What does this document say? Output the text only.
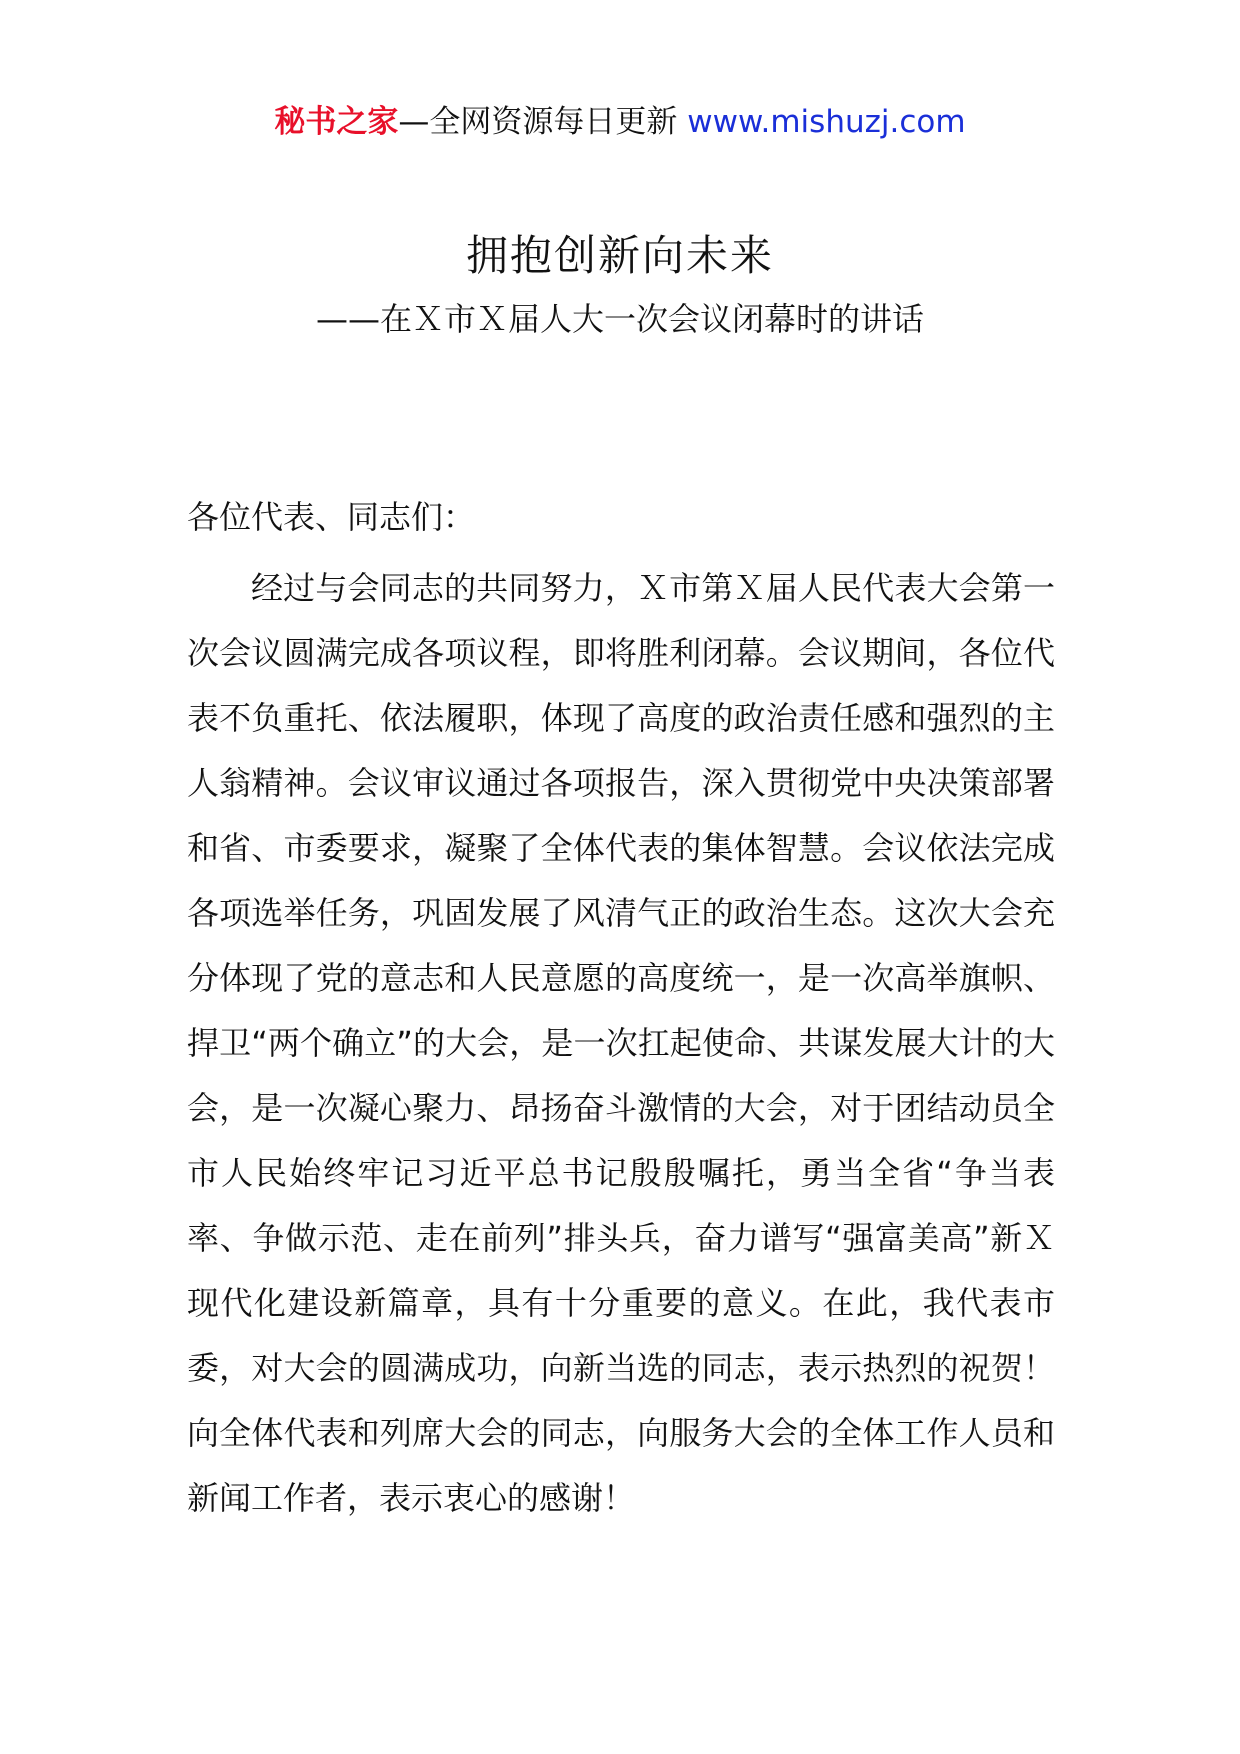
秘书之家—全网资源每日更新 www.mishuzj.com
拥抱创新向未来
——在Ｘ市Ｘ届人大一次会议闭幕时的讲话
各位代表、同志们：

经过与会同志的共同努力，Ｘ市第Ｘ届人民代表大会第一次会议圆满完成各项议程，即将胜利闭幕。会议期间，各位代表不负重托、依法履职，体现了高度的政治责任感和强烈的主人翁精神。会议审议通过各项报告，深入贯彻党中央决策部署和省、市委要求，凝聚了全体代表的集体智慧。会议依法完成各项选举任务，巩固发展了风清气正的政治生态。这次大会充分体现了党的意志和人民意愿的高度统一，是一次高举旗帜、捍卫“两个确立”的大会，是一次扛起使命、共谋发展大计的大会，是一次凝心聚力、昂扬奋斗激情的大会，对于团结动员全市人民始终牢记习近平总书记殷殷嘱托，勇当全省“争当表率、争做示范、走在前列”排头兵，奋力谱写“强富美高”新Ｘ现代化建设新篇章，具有十分重要的意义。在此，我代表市委，对大会的圆满成功，向新当选的同志，表示热烈的祝贺！向全体代表和列席大会的同志，向服务大会的全体工作人员和新闻工作者，表示衷心的感谢！
